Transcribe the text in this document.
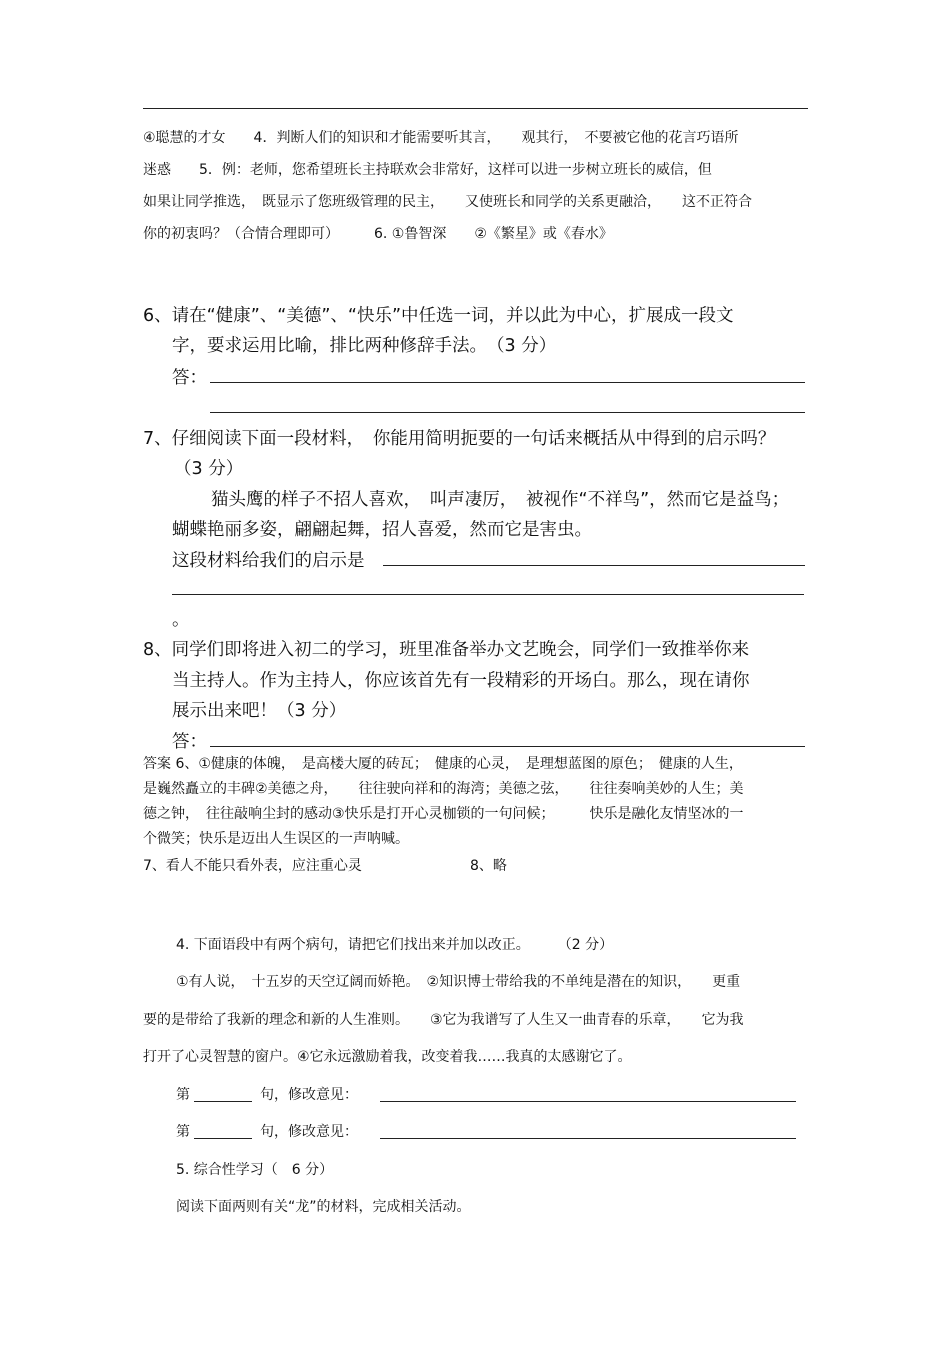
④聪慧的才女　　4．判断人们的知识和才能需要听其言，　　观其行，　不要被它他的花言巧语所
迷惑　　5．例：老师，您希望班长主持联欢会非常好，这样可以进一步树立班长的威信，但
如果让同学推选，　既显示了您班级管理的民主，　　又使班长和同学的关系更融洽，　　这不正符合
你的初衷吗？（合情合理即可）　　　6. ①鲁智深　　②《繁星》或《春水》
6、请在“健康”、“美德”、“快乐”中任选一词，并以此为中心，扩展成一段文
字，要求运用比喻，排比两种修辞手法。　（3 分）
答：
7、仔细阅读下面一段材料，　你能用简明扼要的一句话来概括从中得到的启示吗？
（3 分）
猫头鹰的样子不招人喜欢，　叫声凄厉，　被视作“不祥鸟”，然而它是益鸟；
蝴蝶艳丽多姿，翩翩起舞，招人喜爱，然而它是害虫。
这段材料给我们的启示是
。
8、同学们即将进入初二的学习，班里准备举办文艺晚会，同学们一致推举你来
当主持人。作为主持人，你应该首先有一段精彩的开场白。那么，现在请你
展示出来吧！（3 分）
答：
答案 6、①健康的体魄，　是高楼大厦的砖瓦；　健康的心灵，　是理想蓝图的原色；　健康的人生，
是巍然矗立的丰碑②美德之舟，　　往往驶向祥和的海湾；美德之弦，　　往往奏响美妙的人生；美
德之钟，　往往敲响尘封的感动③快乐是打开心灵枷锁的一句问候；　　　快乐是融化友情坚冰的一
个微笑；快乐是迈出人生误区的一声呐喊。
7、看人不能只看外表，应注重心灵	8、略
4. 下面语段中有两个病句，请把它们找出来并加以改正。　　　（2 分）
①有人说，　十五岁的天空辽阔而娇艳。　②知识博士带给我的不单纯是潜在的知识，　　更重
要的是带给了我新的理念和新的人生准则。　　③它为我谱写了人生又一曲青春的乐章，　　它为我
打开了心灵智慧的窗户。④它永远激励着我，改变着我……我真的太感谢它了。
第	句，修改意见：
第	句，修改意见：
5. 综合性学习（　6 分）
阅读下面两则有关“龙”的材料，完成相关活动。
